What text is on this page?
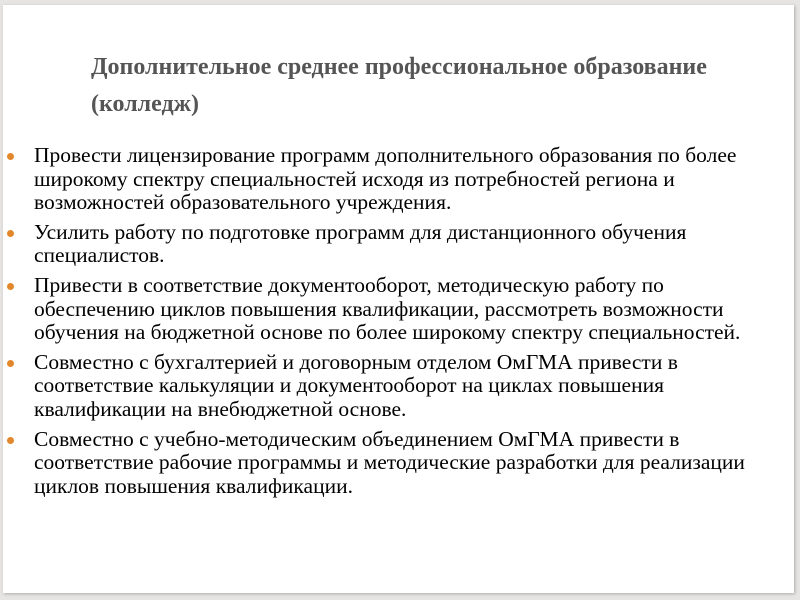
Дополнительное среднее профессиональное образование (колледж)
Провести лицензирование программ дополнительного образования по более широкому спектру специальностей исходя из потребностей региона и возможностей образовательного учреждения.
Усилить работу по подготовке программ для дистанционного обучения специалистов.
Привести в соответствие документооборот, методическую работу по обеспечению циклов повышения квалификации, рассмотреть возможности обучения на бюджетной основе по более широкому спектру специальностей.
Совместно с бухгалтерией и договорным отделом ОмГМА привести в соответствие калькуляции и документооборот на циклах повышения квалификации на внебюджетной основе.
Совместно с учебно-методическим объединением ОмГМА привести в соответствие рабочие программы и методические разработки для реализации циклов повышения квалификации.
